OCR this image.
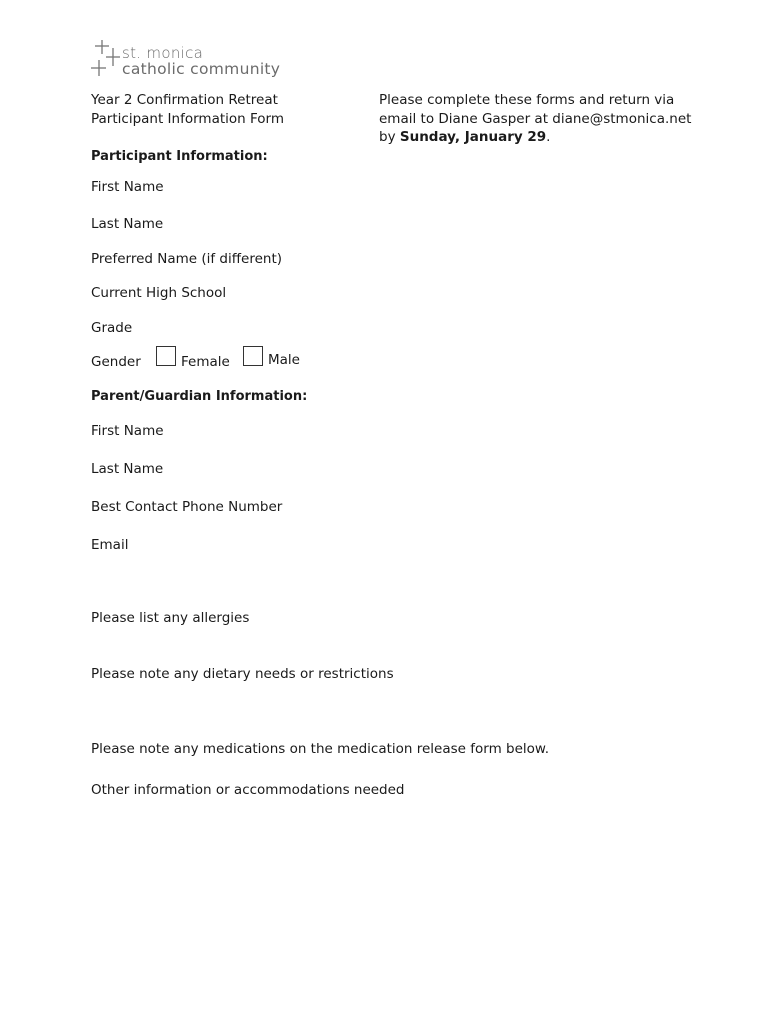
st. monica
catholic community
Year 2 Confirmation Retreat
Participant Information Form
Please complete these forms and return via
email to Diane Gasper at diane@stmonica.net
by Sunday, January 29.
Participant Information:
First Name
Last Name
Preferred Name (if different)
Current High School
Grade
Gender	Female	Male
Parent/Guardian Information:
First Name
Last Name
Best Contact Phone Number
Email
Please list any allergies
Please note any dietary needs or restrictions
Please note any medications on the medication release form below.
Other information or accommodations needed
